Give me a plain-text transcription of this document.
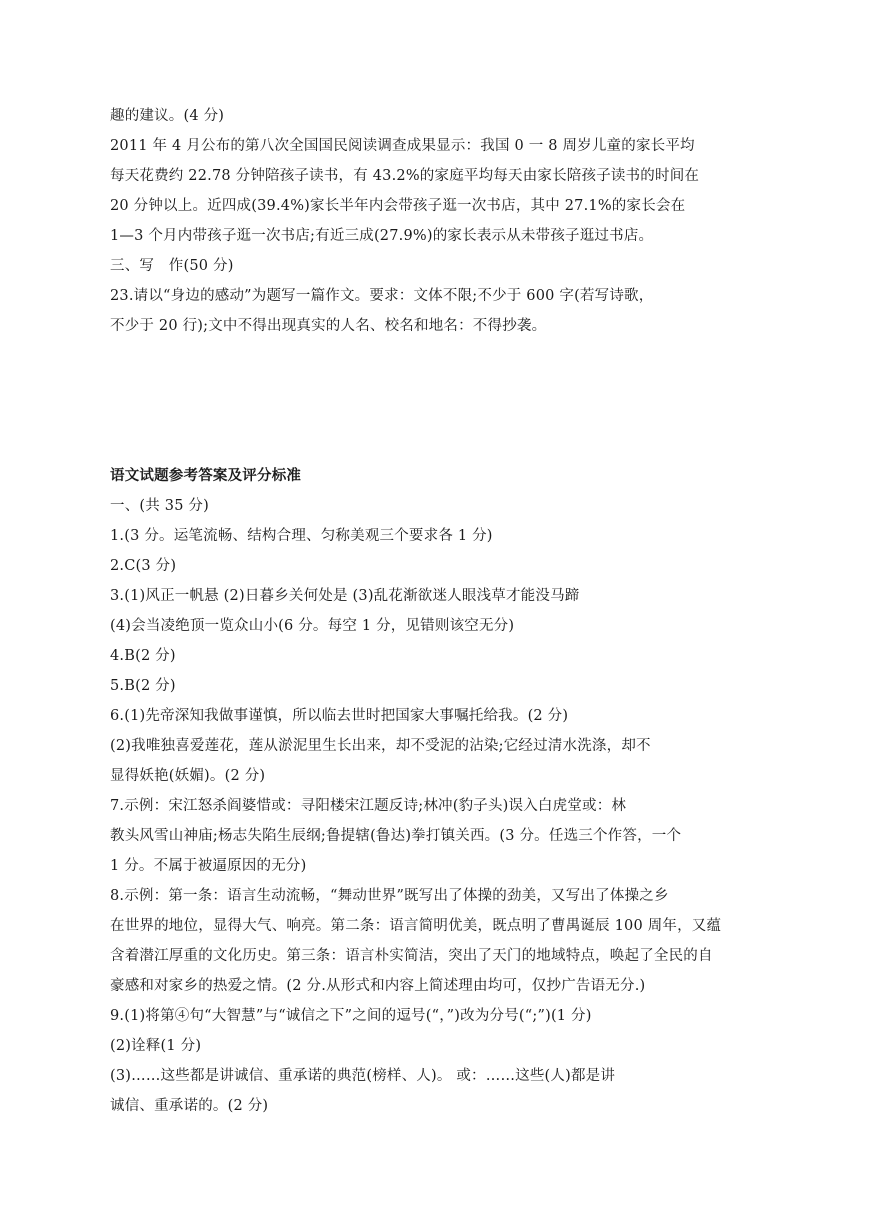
趣的建议。(4 分)
2011 年 4 月公布的第八次全国国民阅读调查成果显示：我国 0 一 8 周岁儿童的家长平均
每天花费约 22.78 分钟陪孩子读书，有 43.2%的家庭平均每天由家长陪孩子读书的时间在
20 分钟以上。近四成(39.4%)家长半年内会带孩子逛一次书店，其中 27.1%的家长会在
1—3 个月内带孩子逛一次书店;有近三成(27.9%)的家长表示从未带孩子逛过书店。
三、写　作(50 分)
23.请以“身边的感动”为题写一篇作文。要求：文体不限;不少于 600 字(若写诗歌，
不少于 20 行);文中不得出现真实的人名、校名和地名：不得抄袭。
语文试题参考答案及评分标准
一、(共 35 分)
1.(3 分。运笔流畅、结构合理、匀称美观三个要求各 1 分)
2.C(3 分)
3.(1)风正一帆悬 (2)日暮乡关何处是 (3)乱花渐欲迷人眼浅草才能没马蹄
(4)会当凌绝顶一览众山小(6 分。每空 1 分，见错则该空无分)
4.B(2 分)
5.B(2 分)
6.(1)先帝深知我做事谨慎，所以临去世时把国家大事嘱托给我。(2 分)
(2)我唯独喜爱莲花，莲从淤泥里生长出来，却不受泥的沾染;它经过清水洗涤，却不
显得妖艳(妖媚)。(2 分)
7.示例：宋江怒杀阎婆惜或：寻阳楼宋江题反诗;林冲(豹子头)误入白虎堂或：林
教头风雪山神庙;杨志失陷生辰纲;鲁提辖(鲁达)拳打镇关西。(3 分。任选三个作答，一个
1 分。不属于被逼原因的无分)
8.示例：第一条：语言生动流畅，“舞动世界”既写出了体操的劲美，又写出了体操之乡
在世界的地位，显得大气、响亮。第二条：语言简明优美，既点明了曹禺诞辰 100 周年，又蕴
含着潜江厚重的文化历史。第三条：语言朴实简洁，突出了天门的地域特点，唤起了全民的自
豪感和对家乡的热爱之情。(2 分.从形式和内容上简述理由均可，仅抄广告语无分.)
9.(1)将第④句“大智慧”与“诚信之下”之间的逗号(“，”)改为分号(“;”)(1 分)
(2)诠释(1 分)
(3)……这些都是讲诚信、重承诺的典范(榜样、人)。 或：……这些(人)都是讲
诚信、重承诺的。(2 分)
